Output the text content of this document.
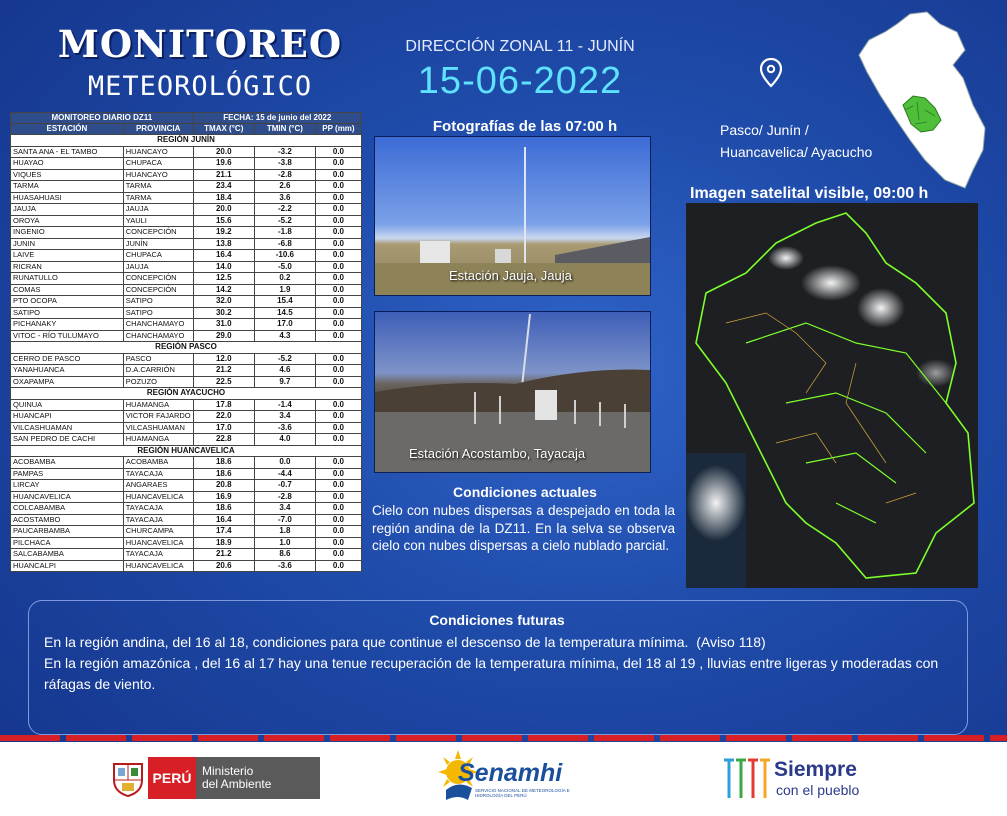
MONITOREO
METEOROLÓGICO
DIRECCIÓN ZONAL 11 - JUNÍN
15-06-2022
Pasco/ Junín /
Huancavelica/ Ayacucho
Fotografías de las 07:00 h
Imagen satelital visible, 09:00 h
MONITOREO DIARIO DZ11		FECHA: 15 de junio del 2022		
ESTACIÓN	PROVINCIA	TMAX (°C)	TMIN (°C)	PP (mm)
REGIÓN JUNÍN				
SANTA ANA - EL TAMBO	HUANCAYO	20.0	-3.2	0.0
HUAYAO	CHUPACA	19.6	-3.8	0.0
VIQUES	HUANCAYO	21.1	-2.8	0.0
TARMA	TARMA	23.4	2.6	0.0
HUASAHUASI	TARMA	18.4	3.6	0.0
JAUJA	JAUJA	20.0	-2.2	0.0
OROYA	YAULI	15.6	-5.2	0.0
INGENIO	CONCEPCIÓN	19.2	-1.8	0.0
JUNIN	JUNÍN	13.8	-6.8	0.0
LAIVE	CHUPACA	16.4	-10.6	0.0
RICRAN	JAUJA	14.0	-5.0	0.0
RUNATULLO	CONCEPCIÓN	12.5	0.2	0.0
COMAS	CONCEPCIÓN	14.2	1.9	0.0
PTO OCOPA	SATIPO	32.0	15.4	0.0
SATIPO	SATIPO	30.2	14.5	0.0
PICHANAKY	CHANCHAMAYO	31.0	17.0	0.0
VITOC - RÍO TULUMAYO	CHANCHAMAYO	29.0	4.3	0.0
REGIÓN PASCO				
CERRO DE PASCO	PASCO	12.0	-5.2	0.0
YANAHUANCA	D.A.CARRIÓN	21.2	4.6	0.0
OXAPAMPA	POZUZO	22.5	9.7	0.0
REGIÓN AYACUCHO				
QUINUA	HUAMANGA	17.8	-1.4	0.0
HUANCAPI	VICTOR FAJARDO	22.0	3.4	0.0
VILCASHUAMAN	VILCASHUAMAN	17.0	-3.6	0.0
SAN PEDRO DE CACHI	HUAMANGA	22.8	4.0	0.0
REGIÓN HUANCAVELICA				
ACOBAMBA	ACOBAMBA	18.6	0.0	0.0
PAMPAS	TAYACAJA	18.6	-4.4	0.0
LIRCAY	ANGARAES	20.8	-0.7	0.0
HUANCAVELICA	HUANCAVELICA	16.9	-2.8	0.0
COLCABAMBA	TAYACAJA	18.6	3.4	0.0
ACOSTAMBO	TAYACAJA	16.4	-7.0	0.0
PAUCARBAMBA	CHURCAMPA	17.4	1.8	0.0
PILCHACA	HUANCAVELICA	18.9	1.0	0.0
SALCABAMBA	TAYACAJA	21.2	8.6	0.0
HUANCALPI	HUANCAVELICA	20.6	-3.6	0.0
Estación Jauja, Jauja
Estación Acostambo, Tayacaja
Condiciones actuales
Cielo con nubes dispersas a despejado en toda la región andina de la DZ11. En la selva se observa cielo con nubes dispersas a cielo nublado parcial.
Condiciones futuras
En la región andina, del 16 al 18, condiciones para que continue el descenso de la temperatura mínima. (Aviso 118)
En la región amazónica , del 16 al 17 hay una tenue recuperación de la temperatura mínima, del 18 al 19 , lluvias entre ligeras y moderadas con ráfagas de viento.
PERÚ Ministerio
del Ambiente	Senamhi
SERVICIO NACIONAL DE METEOROLOGÍA E HIDROLOGÍA DEL PERÚ
Siempre
con el pueblo
